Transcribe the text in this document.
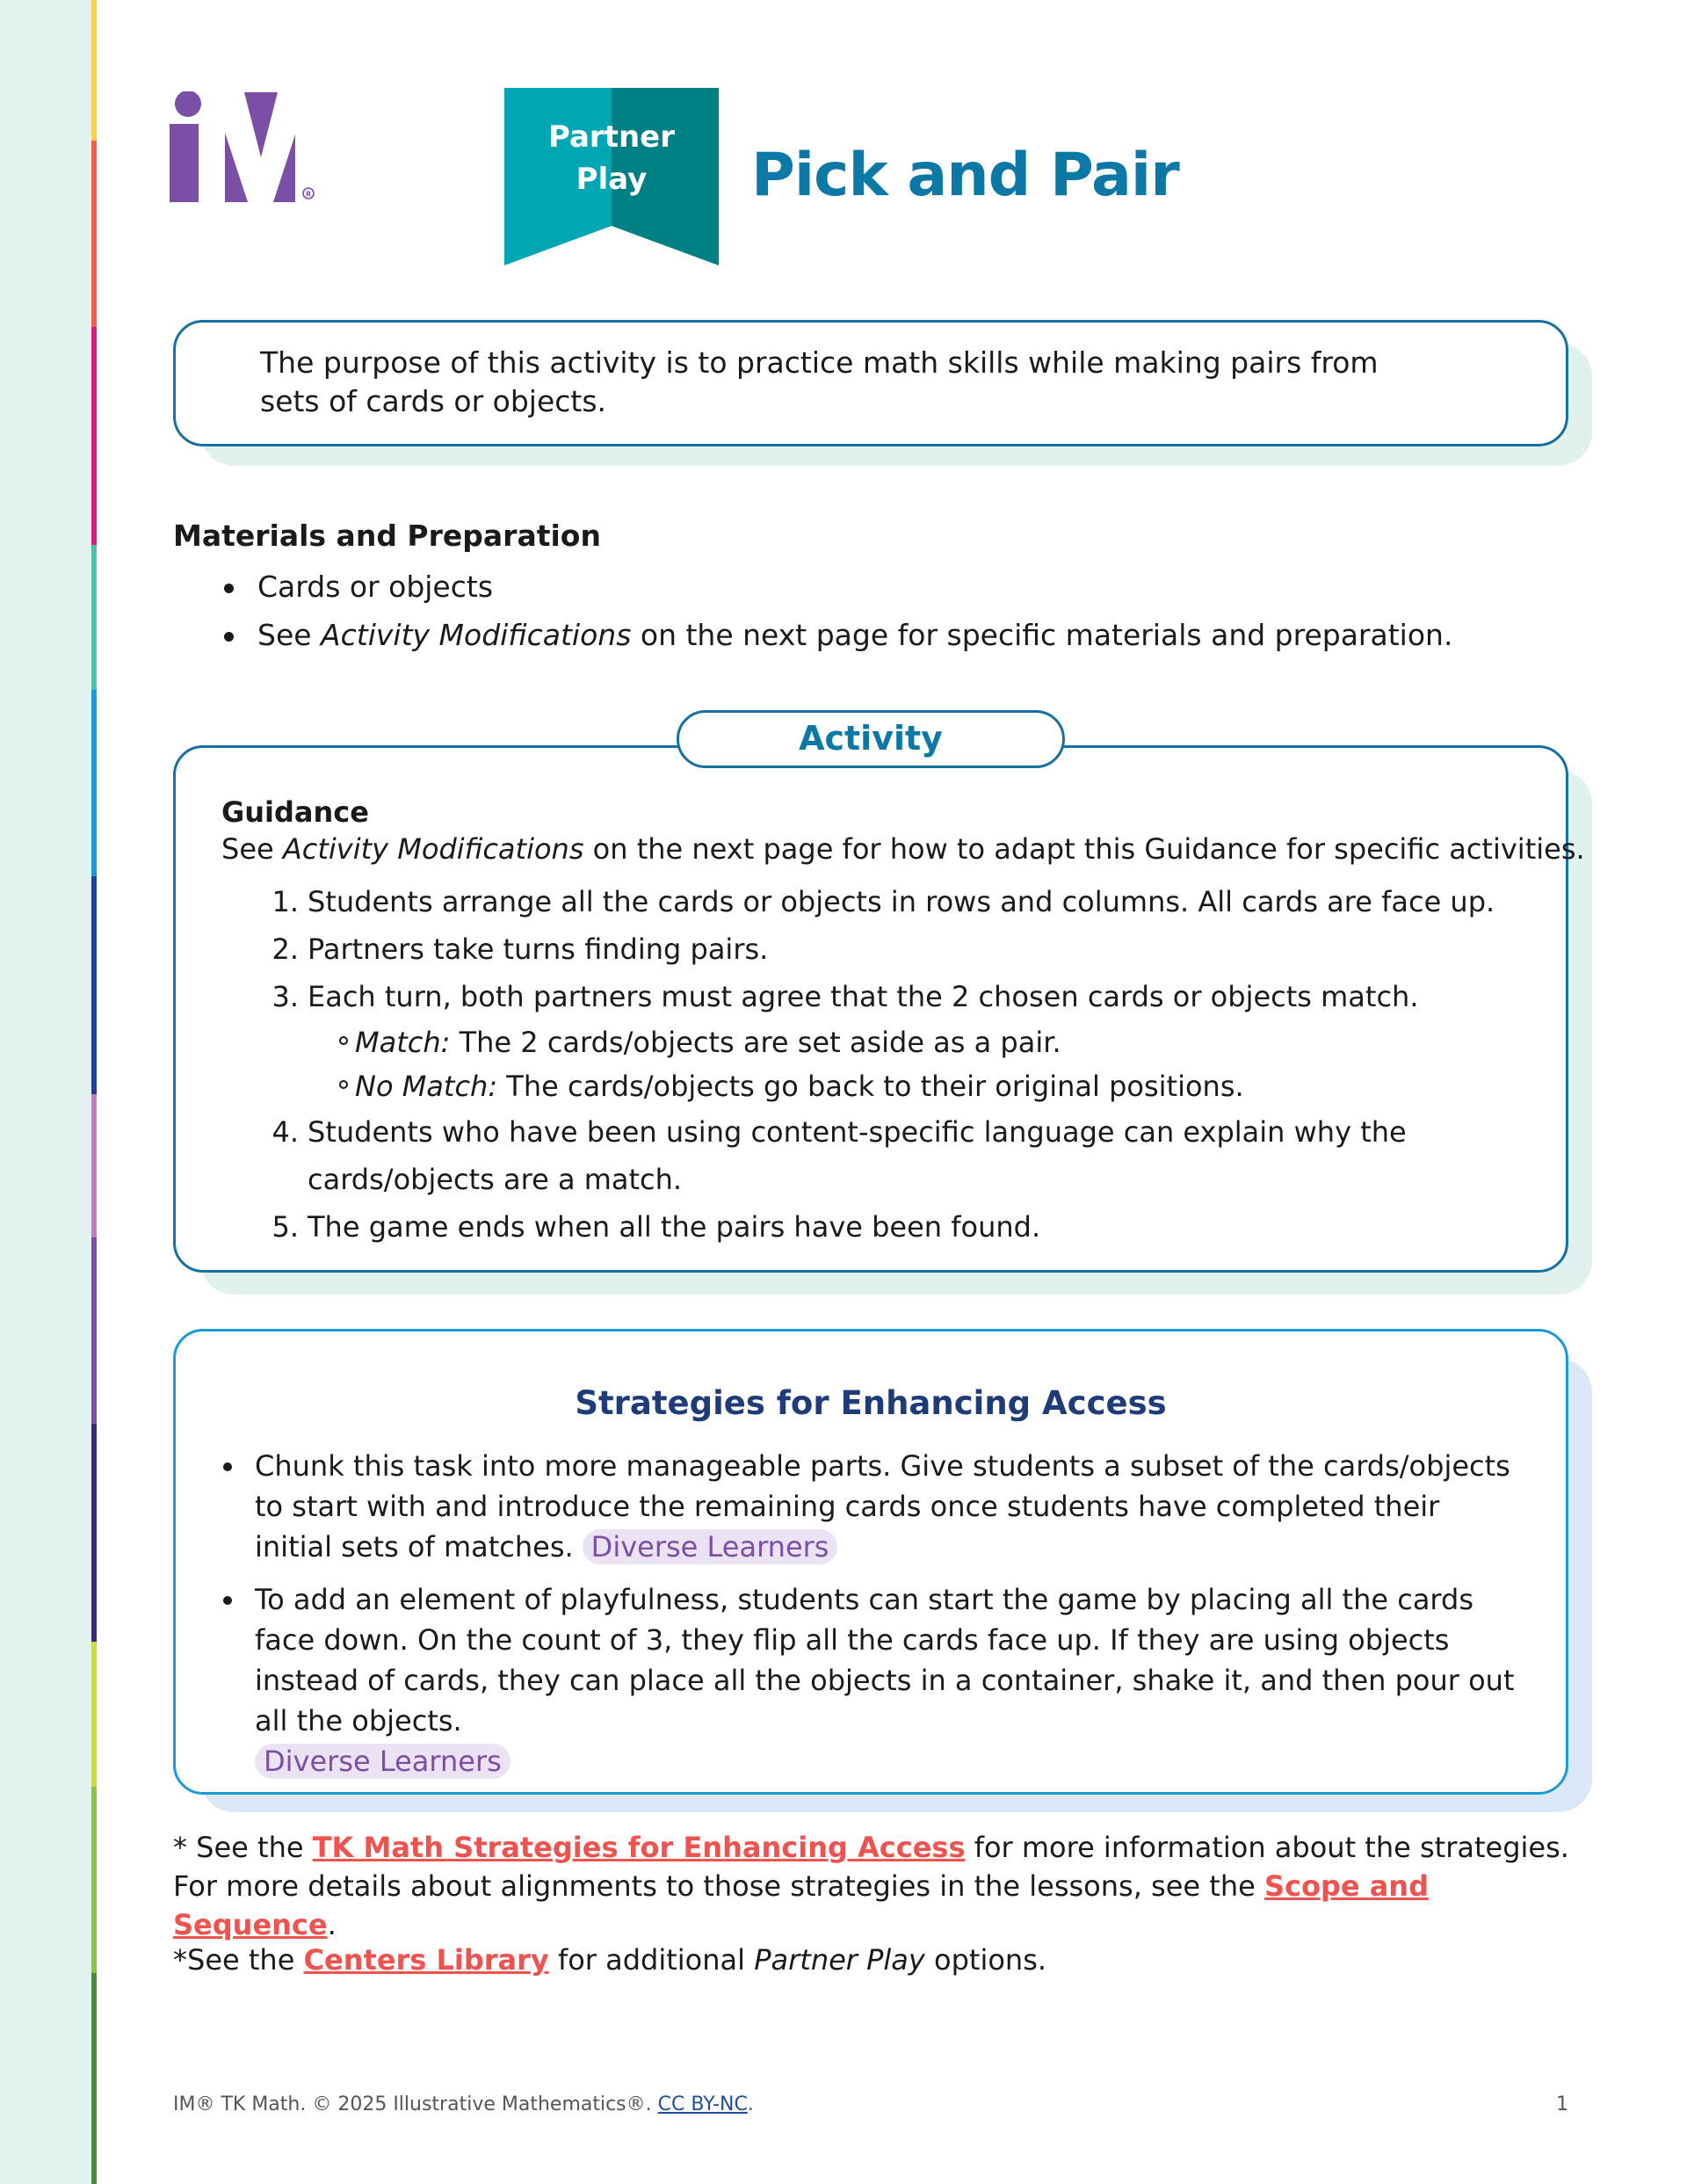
R
Partner
Play	Pick and Pair

The purpose of this activity is to practice math skills while making pairs from sets of cards or objects.

Materials and Preparation
Cards or objects
See Activity Modifications on the next page for specific materials and preparation.
Guidance
See Activity Modifications on the next page for how to adapt this Guidance for specific activities.
1. Students arrange all the cards or objects in rows and columns. All cards are face up.
2. Partners take turns finding pairs.
3. Each turn, both partners must agree that the 2 chosen cards or objects match.
Match: The 2 cards/objects are set aside as a pair.
No Match: The cards/objects go back to their original positions.
4. Students who have been using content-specific language can explain why the
cards/objects are a match.
5. The game ends when all the pairs have been found.
Activity
Strategies for Enhancing Access
Chunk this task into more manageable parts. Give students a subset of the cards/objects to start with and introduce the remaining cards once students have completed their initial sets of matches. Diverse Learners
To add an element of playfulness, students can start the game by placing all the cards face down. On the count of 3, they flip all the cards face up. If they are using objects instead of cards, they can place all the objects in a container, shake it, and then pour out all the objects.
Diverse Learners

* See the TK Math Strategies for Enhancing Access for more information about the strategies. For more details about alignments to those strategies in the lessons, see the Scope and Sequence.

*See the Centers Library for additional Partner Play options.

IM® TK Math. © 2025 Illustrative Mathematics®. CC BY-NC.	1
